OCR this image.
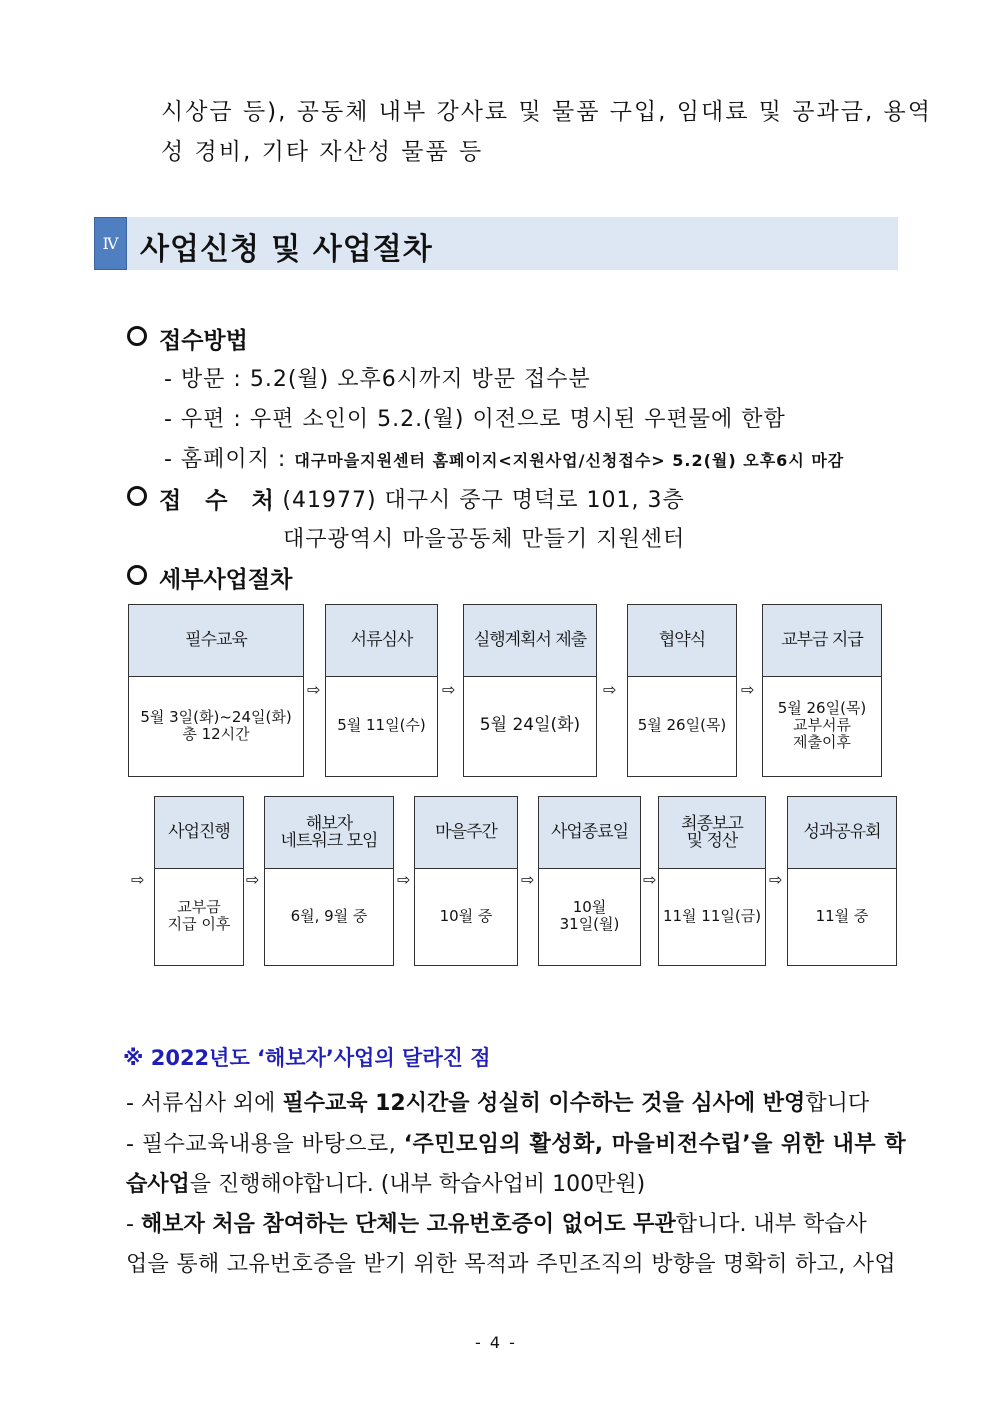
시상금 등), 공동체 내부 강사료 및 물품 구입, 임대료 및 공과금, 용역
성 경비, 기타 자산성 물품 등
Ⅳ 사업신청 및 사업절차
접수방법
- 방문 : 5.2(월) 오후6시까지 방문 접수분
- 우편 : 우편 소인이 5.2.(월) 이전으로 명시된 우편물에 한함
- 홈페이지 : 대구마을지원센터 홈페이지<지원사업/신청접수> 5.2(월) 오후6시 마감
접 수 처
: (41977) 대구시 중구 명덕로 101, 3층
대구광역시 마을공동체 만들기 지원센터
세부사업절차
필수교육
5월 3일(화)~24일(화)
총 12시간
⇨
서류심사
5월 11일(수)
⇨
실행계획서 제출
5월 24일(화)
⇨
협약식
5월 26일(목)
⇨
교부금 지급
5월 26일(목)
교부서류
제출이후
⇨
사업진행
교부금
지급 이후
⇨
해보자
네트워크 모임
6월, 9월 중
⇨
마을주간
10월 중
⇨
사업종료일
10월
31일(월)
⇨
최종보고
및 정산
11월 11일(금)
⇨
성과공유회
11월 중
※ 2022년도 ‘해보자’사업의 달라진 점
- 서류심사 외에 필수교육 12시간을 성실히 이수하는 것을 심사에 반영합니다
- 필수교육내용을 바탕으로, ‘주민모임의 활성화, 마을비전수립’을 위한 내부 학
습사업을 진행해야합니다. (내부 학습사업비 100만원)
- 해보자 처음 참여하는 단체는 고유번호증이 없어도 무관합니다. 내부 학습사
업을 통해 고유번호증을 받기 위한 목적과 주민조직의 방향을 명확히 하고, 사업
- 4 -
